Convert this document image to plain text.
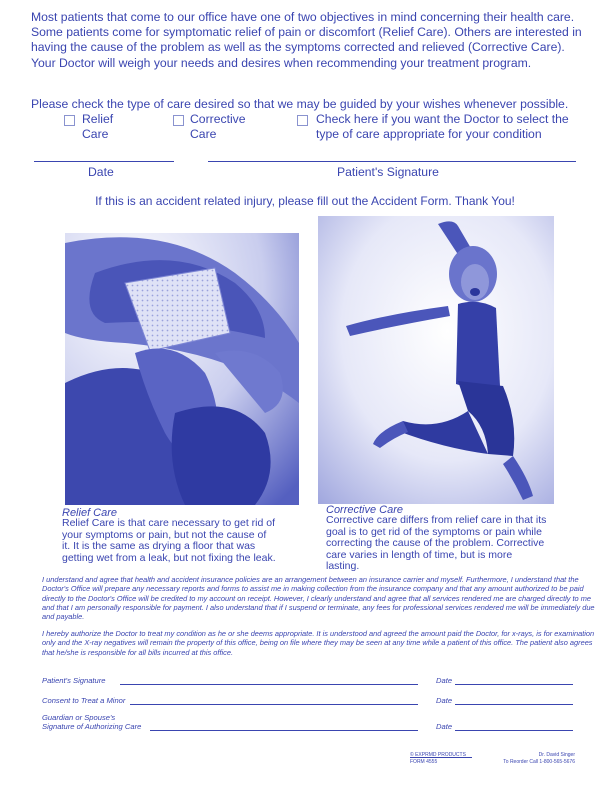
Most patients that come to our office have one of two objectives in mind concerning their health care. Some patients come for symptomatic relief of pain or discomfort (Relief Care). Others are interested in having the cause of the problem as well as the symptoms corrected and relieved (Corrective Care). Your Doctor will weigh your needs and desires when recommending your treatment program.
Please check the type of care desired so that we may be guided by your wishes whenever possible.
Relief
Care
Corrective
Care
Check here if you want the Doctor to select the
type of care appropriate for your condition
Date	Patient's Signature
If this is an accident related injury, please fill out the Accident Form. Thank You!
Relief Care
Relief Care is that care necessary to get rid of your symptoms or pain, but not the cause of it. It is the same as drying a floor that was getting wet from a leak, but not fixing the leak.
Corrective Care
Corrective care differs from relief care in that its goal is to get rid of the symptoms or pain while correcting the cause of the problem. Corrective care varies in length of time, but is more lasting.
I understand and agree that health and accident insurance policies are an arrangement between an insurance carrier and myself. Furthermore, I understand that the Doctor's Office will prepare any necessary reports and forms to assist me in making collection from the insurance company and that any amount authorized to be paid directly to the Doctor's Office will be credited to my account on receipt. However, I clearly understand and agree that all services rendered me are charged directly to me and that I am personally responsible for payment. I also understand that if I suspend or terminate, any fees for professional services rendered me will be immediately due and payable.
I hereby authorize the Doctor to treat my condition as he or she deems appropriate. It is understood and agreed the amount paid the Doctor, for x-rays, is for examination only and the X-ray negatives will remain the property of this office, being on file where they may be seen at any time while a patient of this office. The patient also agrees that he/she is responsible for all bills incurred at this office.
Patient's Signature	Date
Consent to Treat a Minor	Date
Guardian or Spouse's
Signature of Authorizing Care	Date
© EXPRMD PRODUCTS
FORM 4555
Dr. David Singer
To Reorder Call 1-800-565-5676
